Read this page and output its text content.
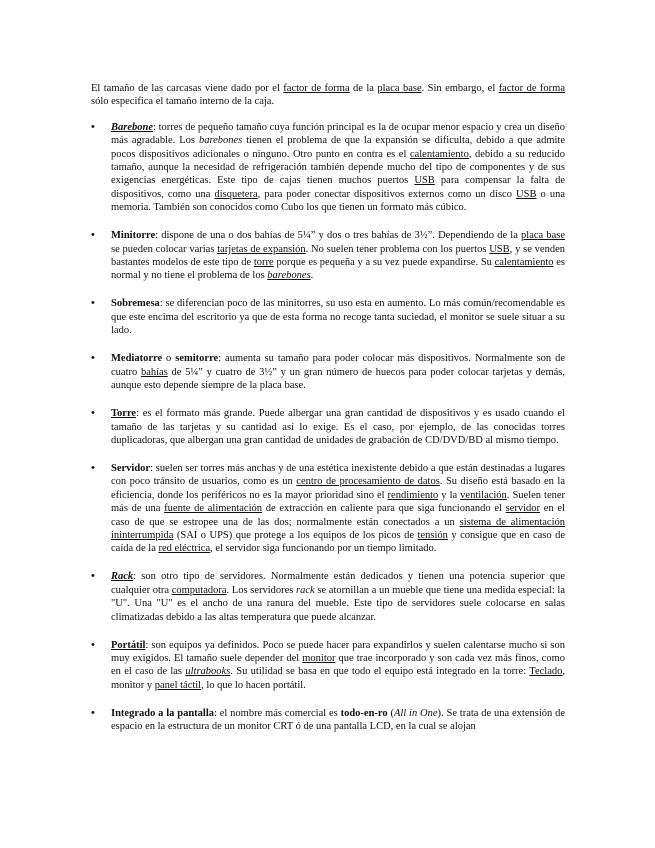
El tamaño de las carcasas viene dado por el factor de forma de la placa base. Sin embargo, el factor de forma sólo especifica el tamaño interno de la caja.

• Barebone: torres de pequeño tamaño cuya función principal es la de ocupar menor espacio y crea un diseño más agradable. Los barebones tienen el problema de que la expansión se dificulta, debido a que admite pocos dispositivos adicionales o ninguno. Otro punto en contra es el calentamiento, debido a su reducido tamaño, aunque la necesidad de refrigeración también depende mucho del tipo de componentes y de sus exigencias energéticas. Este tipo de cajas tienen muchos puertos USB para compensar la falta de dispositivos, como una disquetera, para poder conectar dispositivos externos como un disco USB o una memoria. También son conocidos como Cubo los que tienen un formato más cúbico.
• Minitorre: dispone de una o dos bahías de 5¼” y dos o tres bahías de 3½”. Dependiendo de la placa base se pueden colocar varias tarjetas de expansión. No suelen tener problema con los puertos USB, y se venden bastantes modelos de este tipo de torre porque es pequeña y a su vez puede expandirse. Su calentamiento es normal y no tiene el problema de los barebones.
• Sobremesa: se diferencian poco de las minitorres, su uso esta en aumento. Lo más común/recomendable es que este encima del escritorio ya que de esta forma no recoge tanta suciedad, el monitor se suele situar a su lado.
• Mediatorre o semitorre: aumenta su tamaño para poder colocar más dispositivos. Normalmente son de cuatro bahías de 5¼” y cuatro de 3½” y un gran número de huecos para poder colocar tarjetas y demás, aunque esto depende siempre de la placa base.
• Torre: es el formato más grande. Puede albergar una gran cantidad de dispositivos y es usado cuando el tamaño de las tarjetas y su cantidad así lo exige. Es el caso, por ejemplo, de las conocidas torres duplicadoras, que albergan una gran cantidad de unidades de grabación de CD/DVD/BD al mismo tiempo.
• Servidor: suelen ser torres más anchas y de una estética inexistente debido a que están destinadas a lugares con poco tránsito de usuarios, como es un centro de procesamiento de datos. Su diseño está basado en la eficiencia, donde los periféricos no es la mayor prioridad sino el rendimiento y la ventilación. Suelen tener más de una fuente de alimentación de extracción en caliente para que siga funcionando el servidor en el caso de que se estropee una de las dos; normalmente están conectados a un sistema de alimentación ininterrumpida (SAI o UPS) que protege a los equipos de los picos de tensión y consigue que en caso de caída de la red eléctrica, el servidor siga funcionando por un tiempo limitado.
• Rack: son otro tipo de servidores. Normalmente están dedicados y tienen una potencia superior que cualquier otra computadora. Los servidores rack se atornillan a un mueble que tiene una medida especial: la "U". Una "U" es el ancho de una ranura del mueble. Este tipo de servidores suele colocarse en salas climatizadas debido a las altas temperatura que puede alcanzar.
• Portátil: son equipos ya definidos. Poco se puede hacer para expandirlos y suelen calentarse mucho si son muy exigidos. El tamaño suele depender del monitor que trae incorporado y son cada vez más finos, como en el caso de las ultrabooks. Su utilidad se basa en que todo el equipo está integrado en la torre: Teclado, monitor y panel táctil, lo que lo hacen portátil.
• Integrado a la pantalla: el nombre más comercial es todo-en-ro (All in One). Se trata de una extensión de espacio en la estructura de un monitor CRT ó de una pantalla LCD, en la cual se alojan
